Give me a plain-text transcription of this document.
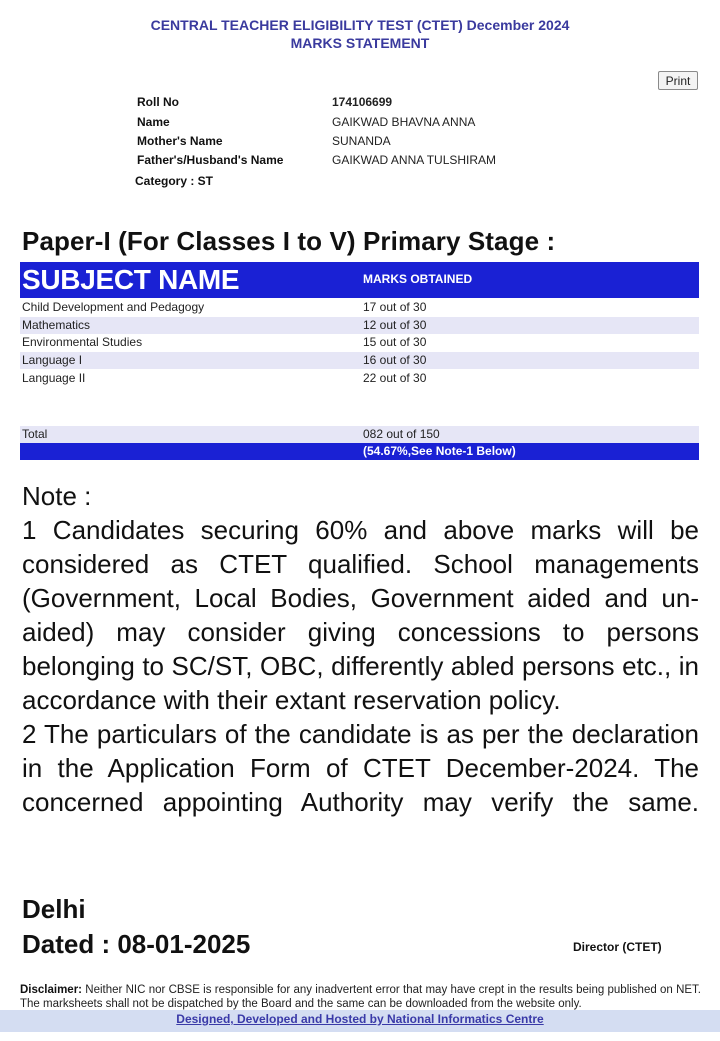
CENTRAL TEACHER ELIGIBILITY TEST (CTET) December 2024
MARKS STATEMENT
Print
Roll No	174106699
Name	GAIKWAD BHAVNA ANNA
Mother's Name	SUNANDA
Father's/Husband's Name	GAIKWAD ANNA TULSHIRAM
Category : ST
Paper-I (For Classes I to V) Primary Stage :
SUBJECT NAME	MARKS OBTAINED
Child Development and Pedagogy	17 out of 30
Mathematics	12 out of 30
Environmental Studies	15 out of 30
Language I	16 out of 30
Language II	22 out of 30
Total	082 out of 150
(54.67%,See Note-1 Below)

Note :

1 Candidates securing 60% and above marks will be considered as CTET qualified. School managements (Government, Local Bodies, Government aided and un-aided) may consider giving concessions to persons belonging to SC/ST, OBC, differently abled persons etc., in accordance with their extant reservation policy.

2 The particulars of the candidate is as per the declaration in the Application Form of CTET December-2024. The concerned appointing Authority may verify the same.

Delhi
Dated : 08-01-2025	Director (CTET)
Disclaimer: Neither NIC nor CBSE is responsible for any inadvertent error that may have crept in the results being published on NET. The marksheets shall not be dispatched by the Board and the same can be downloaded from the website only.
Designed, Developed and Hosted by National Informatics Centre
